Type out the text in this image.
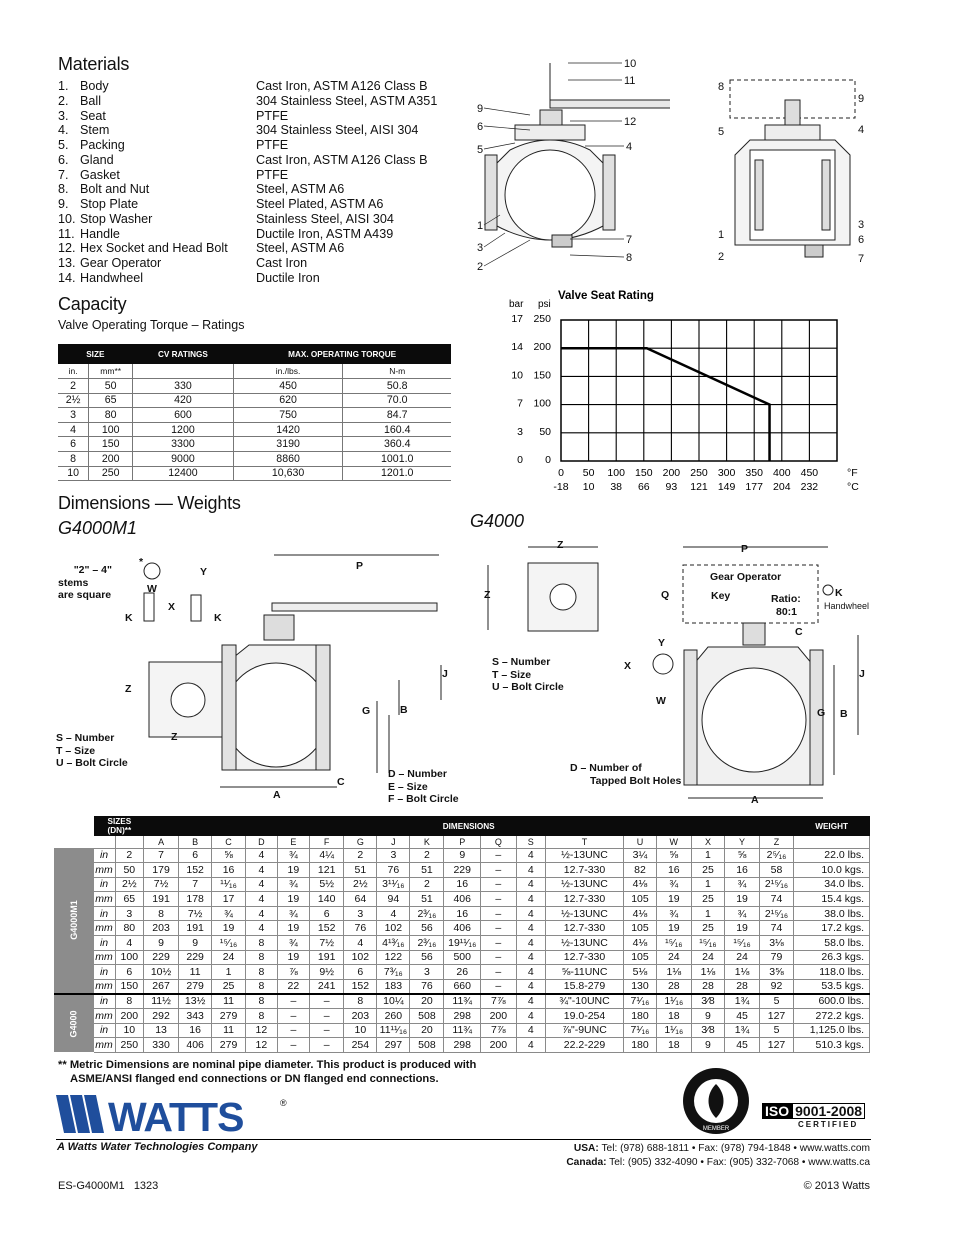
Materials
1. Body	Cast Iron, ASTM A126 Class B
2. Ball	304 Stainless Steel, ASTM A351
3. Seat	PTFE
4. Stem	304 Stainless Steel, AISI 304
5. Packing	PTFE
6. Gland	Cast Iron, ASTM A126 Class B
7. Gasket	PTFE
8. Bolt and Nut	Steel, ASTM A6
9. Stop Plate	Steel Plated, ASTM A6
10. Stop Washer	Stainless Steel, AISI 304
11. Handle	Ductile Iron, ASTM A439
12. Hex Socket and Head Bolt	Steel, ASTM A6
13. Gear Operator	Cast Iron
14. Handwheel	Ductile Iron
Capacity
Valve Operating Torque – Ratings
SIZE		CV RATINGS	MAX. OPERATING TORQUE	
in.	mm**		in./lbs.	N-m
2	50	330	450	50.8
2½	65	420	620	70.0
3	80	600	750	84.7
4	100	1200	1420	160.4
6	150	3300	3190	360.4
8	200	9000	8860	1001.0
10	250	12400	10,630	1201.0
10
11
9
6	12
5	4
1
3
2
7
8
8
9
5	4
3
1	6
2	7
Valve Seat Rating
bar psi
17 250
14 200
10 150
7 100
3 50
0 0
0
-18
50
10
100
38
150
66
200
93
250
121
300
149
350
177
400
204
450
232
°F
°C
Dimensions — Weights
G4000M1	G4000
*
Y
W
X
K	K
Z
Z
P
J
G	B
C
A
"2" – 4"
stems
are square
S – Number
T – Size
U – Bolt Circle
D – Number
E – Size
F – Bolt Circle
Z
Z
P
Q
Gear Operator
Key	Ratio:
80:1
K
Handwheel
C
Y
X
W
J
G B
A
S – Number
T – Size
U – Bolt Circle
D – Number of
Tapped Bolt Holes
	SIZES (DN)**		DIMENSIONS																		WEIGHT
			A	B	C	D	E	F	G	J	K	P	Q	S	T	U	W	X	Y	Z	
G4000M1	in	2	7	6	⅝	4	¾	4¼	2	3	2	9	–	4	½-13UNC	3¼	⅝	1	⅝	2⁵⁄₁₆	22.0 lbs.
	mm	50	179	152	16	4	19	121	51	76	51	229	–	4	12.7-330	82	16	25	16	58	10.0 kgs.
	in	2½	7½	7	¹¹⁄₁₆	4	¾	5½	2½	3¹¹⁄₁₆	2	16	–	4	½-13UNC	4⅛	¾	1	¾	2¹⁵⁄₁₆	34.0 lbs.
	mm	65	191	178	17	4	19	140	64	94	51	406	–	4	12.7-330	105	19	25	19	74	15.4 kgs.
	in	3	8	7½	¾	4	¾	6	3	4	2³⁄₁₆	16	–	4	½-13UNC	4⅛	¾	1	¾	2¹⁵⁄₁₆	38.0 lbs.
	mm	80	203	191	19	4	19	152	76	102	56	406	–	4	12.7-330	105	19	25	19	74	17.2 kgs.
	in	4	9	9	¹⁵⁄₁₆	8	¾	7½	4	4¹³⁄₁₆	2³⁄₁₆	19¹¹⁄₁₆	–	4	½-13UNC	4⅛	¹⁵⁄₁₆	¹⁵⁄₁₆	¹⁵⁄₁₆	3⅛	58.0 lbs.
	mm	100	229	229	24	8	19	191	102	122	56	500	–	4	12.7-330	105	24	24	24	79	26.3 kgs.
	in	6	10½	11	1	8	⅞	9½	6	7³⁄₁₆	3	26	–	4	⅝-11UNC	5⅛	1⅛	1⅛	1⅛	3⅝	118.0 lbs.
	mm	150	267	279	25	8	22	241	152	183	76	660	–	4	15.8-279	130	28	28	28	92	53.5 kgs.
G4000	in	8	11½	13½	11	8	–	–	8	10¼	20	11¾	7⅞	4	¾"-10UNC	7¹⁄₁₆	1¹⁄₁₆	3⁄8	1¾	5	600.0 lbs.
	mm	200	292	343	279	8	–	–	203	260	508	298	200	4	19.0-254	180	18	9	45	127	272.2 kgs.
	in	10	13	16	11	12	–	–	10	11¹¹⁄₁₆	20	11¾	7⅞	4	⅞"-9UNC	7¹⁄₁₆	1¹⁄₁₆	3⁄8	1¾	5	1,125.0 lbs.
	mm	250	330	406	279	12	–	–	254	297	508	298	200	4	22.2-229	180	18	9	45	127	510.3 kgs.
** Metric Dimensions are nominal pipe diameter. This product is produced with
ASME/ANSI flanged end connections or DN flanged end connections.
WATTS	®
A Watts Water Technologies Company
MEMBER
ISO 9001-2008
CERTIFIED
USA: Tel: (978) 688-1811 • Fax: (978) 794-1848 • www.watts.com
Canada: Tel: (905) 332-4090 • Fax: (905) 332-7068 • www.watts.ca
ES-G4000M1   1323	© 2013 Watts
